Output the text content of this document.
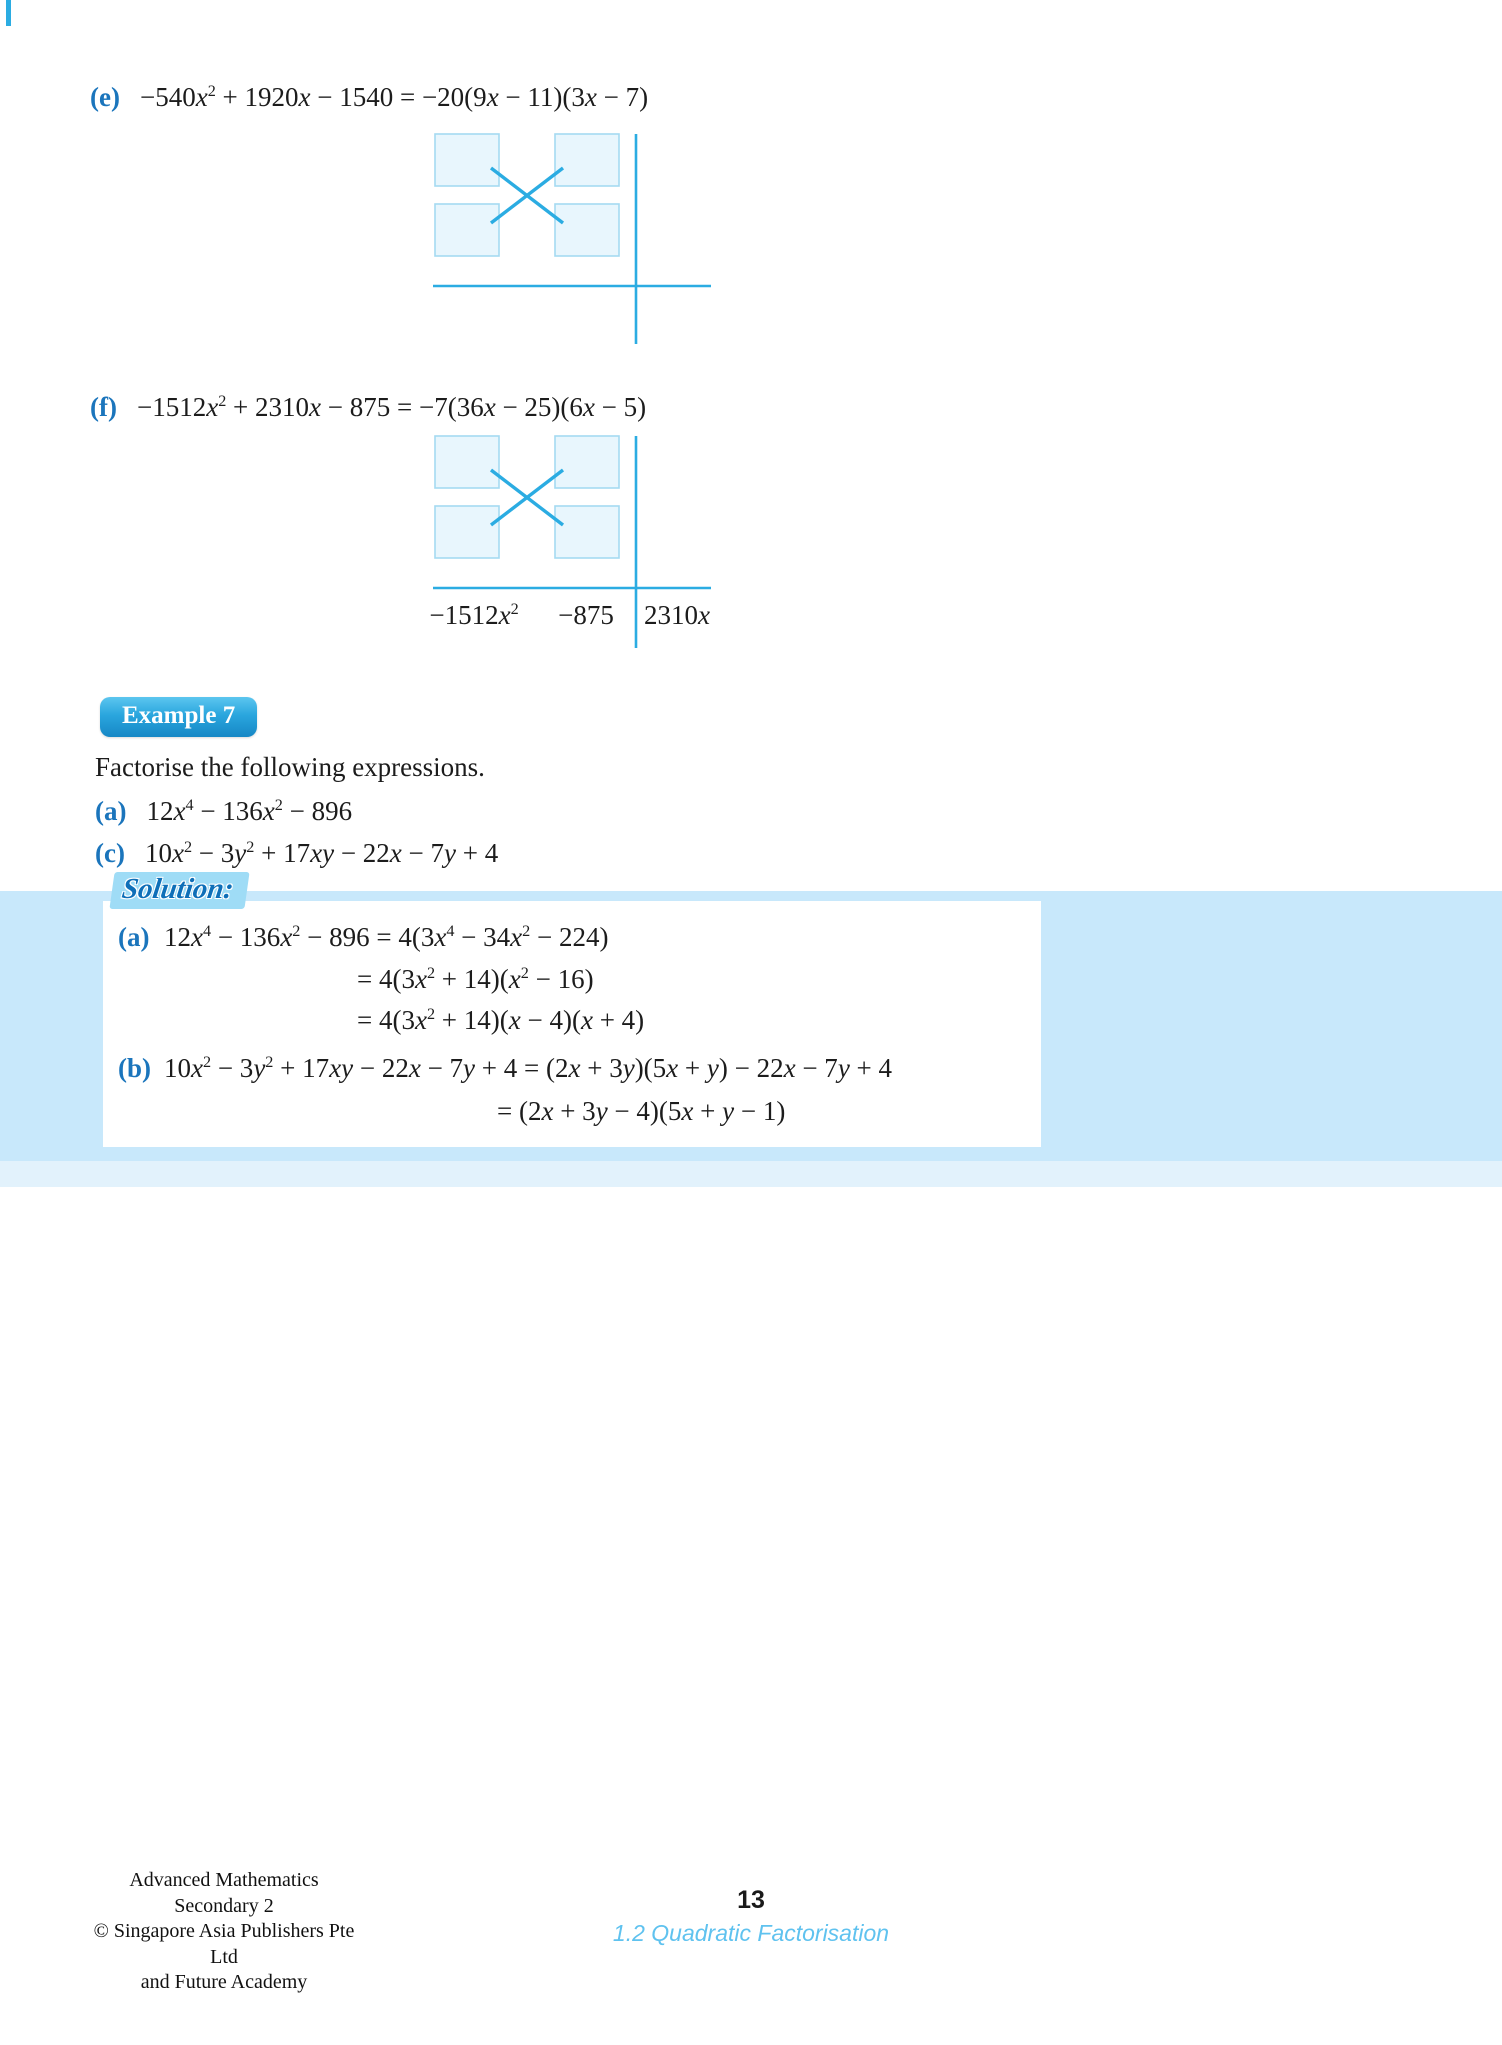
$(e) -540x^2 + 1920x - 1540 = -20(9x - 11)(3x - 7)$
$(f) -1512x^2 + 2310x - 875 = -7(36x - 25)(6x - 5)$
$-1512x^2$	−875	2310x
Example 7
Factorise the following expressions.
(a) $12x^4 - 136x^2 - 896$
(c) $10x^2 - 3y^2 + 17xy - 22x - 7y + 4$
Solution:
(a) $12x^4 - 136x^2 - 896 = 4(3x^4 - 34x^2 - 224)$
= $4(3x^2 + 14)(x^2 - 16)$
= $4(3x^2 + 14)(x - 4)(x + 4)$
(b) $10x^2 - 3y^2 + 17xy - 22x - 7y + 4 = (2x + 3y)(5x + y) - 22x - 7y + 4$
= (2x + 3y − 4)(5x + y − 1)
Advanced Mathematics Secondary 2
© Singapore Asia Publishers Pte Ltd
and Future Academy
13
1.2 Quadratic Factorisation
